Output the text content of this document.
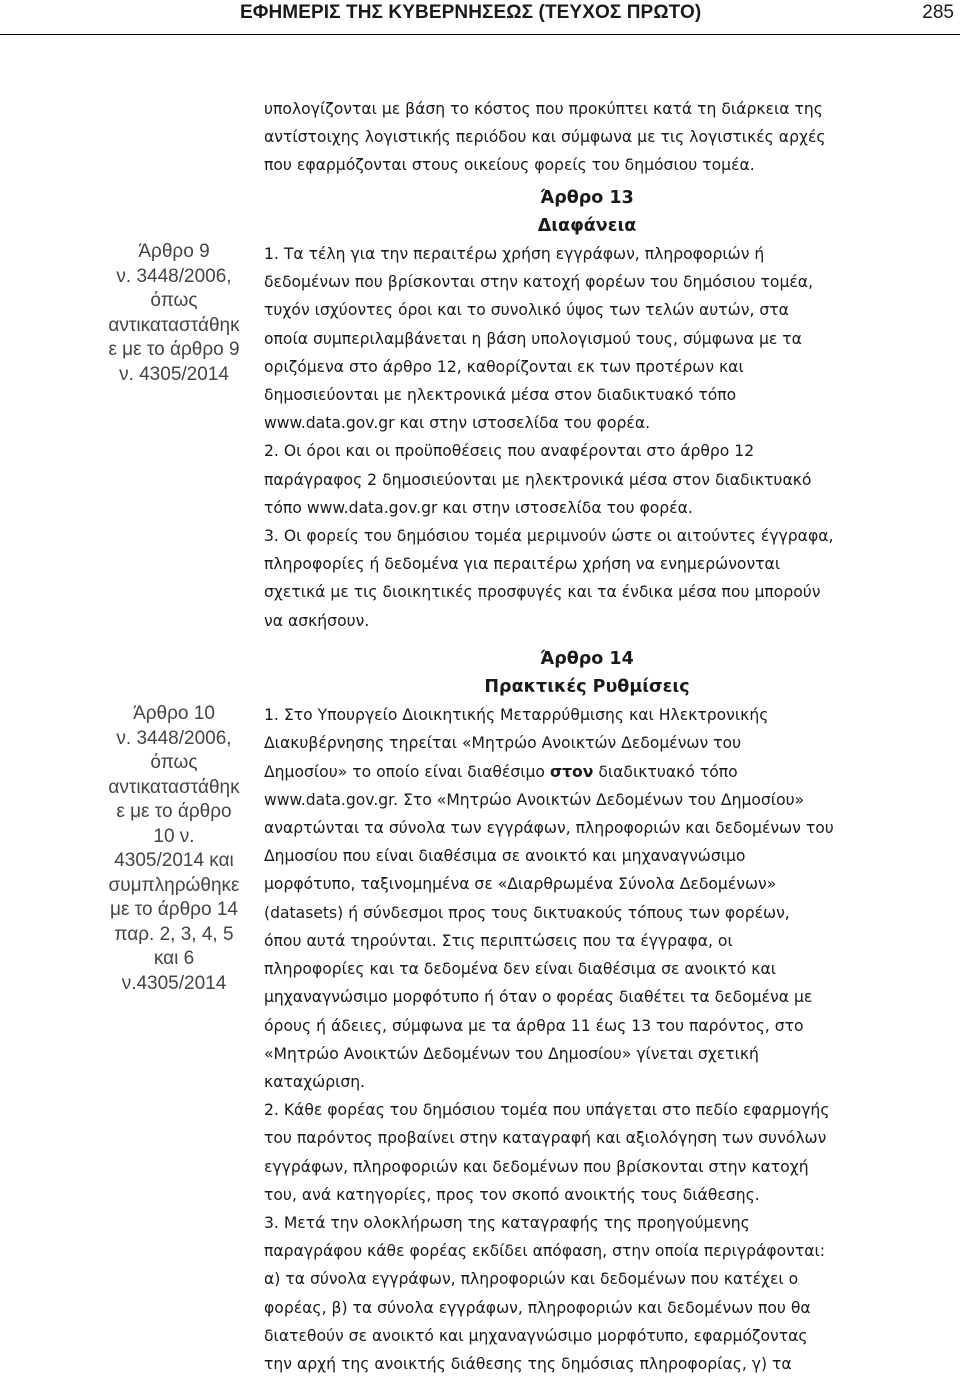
ΕΦΗΜΕΡΙΣ ΤΗΣ ΚΥΒΕΡΝΗΣΕΩΣ (ΤΕΥΧΟΣ ΠΡΩΤΟ)	285
Άρθρο 9
ν. 3448/2006,
όπως
αντικαταστάθηκ
ε με το άρθρο 9
ν. 4305/2014
Άρθρο 10
ν. 3448/2006,
όπως
αντικαταστάθηκ
ε με το άρθρο
10 ν.
4305/2014 και
συμπληρώθηκε
με το άρθρο 14
παρ. 2, 3, 4, 5
και 6
ν.4305/2014
υπολογίζονται με βάση το κόστος που προκύπτει κατά τη διάρκεια της
αντίστοιχης λογιστικής περιόδου και σύμφωνα με τις λογιστικές αρχές
που εφαρμόζονται στους οικείους φορείς του δημόσιου τομέα.
Άρθρο 13
Διαφάνεια
1. Τα τέλη για την περαιτέρω χρήση εγγράφων, πληροφοριών ή
δεδομένων που βρίσκονται στην κατοχή φορέων του δημόσιου τομέα,
τυχόν ισχύοντες όροι και το συνολικό ύψος των τελών αυτών, στα
οποία συμπεριλαμβάνεται η βάση υπολογισμού τους, σύμφωνα με τα
οριζόμενα στο άρθρο 12, καθορίζονται εκ των προτέρων και
δημοσιεύονται με ηλεκτρονικά μέσα στον διαδικτυακό τόπο
www.data.gov.gr και στην ιστοσελίδα του φορέα.
2. Οι όροι και οι προϋποθέσεις που αναφέρονται στο άρθρο 12
παράγραφος 2 δημοσιεύονται με ηλεκτρονικά μέσα στον διαδικτυακό
τόπο www.data.gov.gr και στην ιστοσελίδα του φορέα.
3. Οι φορείς του δημόσιου τομέα μεριμνούν ώστε οι αιτούντες έγγραφα,
πληροφορίες ή δεδομένα για περαιτέρω χρήση να ενημερώνονται
σχετικά με τις διοικητικές προσφυγές και τα ένδικα μέσα που μπορούν
να ασκήσουν.
Άρθρο 14
Πρακτικές Ρυθμίσεις
1. Στο Υπουργείο Διοικητικής Μεταρρύθμισης και Ηλεκτρονικής
Διακυβέρνησης τηρείται «Μητρώο Ανοικτών Δεδομένων του
Δημοσίου» το οποίο είναι διαθέσιμο στον διαδικτυακό τόπο
www.data.gov.gr. Στο «Μητρώο Ανοικτών Δεδομένων του Δημοσίου»
αναρτώνται τα σύνολα των εγγράφων, πληροφοριών και δεδομένων του
Δημοσίου που είναι διαθέσιμα σε ανοικτό και μηχαναγνώσιμο
μορφότυπο, ταξινομημένα σε «Διαρθρωμένα Σύνολα Δεδομένων»
(datasets) ή σύνδεσμοι προς τους δικτυακούς τόπους των φορέων,
όπου αυτά τηρούνται. Στις περιπτώσεις που τα έγγραφα, οι
πληροφορίες και τα δεδομένα δεν είναι διαθέσιμα σε ανοικτό και
μηχαναγνώσιμο μορφότυπο ή όταν ο φορέας διαθέτει τα δεδομένα με
όρους ή άδειες, σύμφωνα με τα άρθρα 11 έως 13 του παρόντος, στο
«Μητρώο Ανοικτών Δεδομένων του Δημοσίου» γίνεται σχετική
καταχώριση.
2. Κάθε φορέας του δημόσιου τομέα που υπάγεται στο πεδίο εφαρμογής
του παρόντος προβαίνει στην καταγραφή και αξιολόγηση των συνόλων
εγγράφων, πληροφοριών και δεδομένων που βρίσκονται στην κατοχή
του, ανά κατηγορίες, προς τον σκοπό ανοικτής τους διάθεσης.
3. Μετά την ολοκλήρωση της καταγραφής της προηγούμενης
παραγράφου κάθε φορέας εκδίδει απόφαση, στην οποία περιγράφονται:
α) τα σύνολα εγγράφων, πληροφοριών και δεδομένων που κατέχει ο
φορέας, β) τα σύνολα εγγράφων, πληροφοριών και δεδομένων που θα
διατεθούν σε ανοικτό και μηχαναγνώσιμο μορφότυπο, εφαρμόζοντας
την αρχή της ανοικτής διάθεσης της δημόσιας πληροφορίας, γ) τα
